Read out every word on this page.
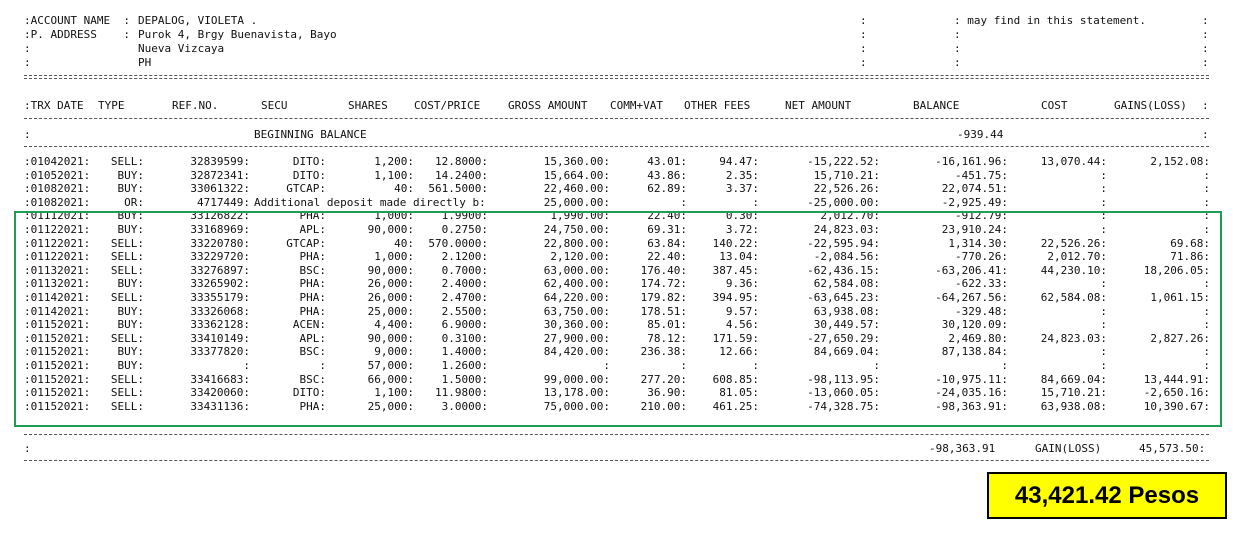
:ACCOUNT NAME  : DEPALOG, VIOLETA .
:P. ADDRESS    : Purok 4, Brgy Buenavista, Bayo
:	Nueva Vizcaya
:	PH
:
:
:
:
: may find in this statement.
:
:
:
:
:
:
:
:TRX DATE TYPE	REF.NO.	SECU	SHARES COST/PRICE	GROSS AMOUNT COMM+VAT OTHER FEES	NET AMOUNT	BALANCE	COST	GAINS(LOSS) :
:	BEGINNING BALANCE	-939.44	:
:01042021: SELL:	32839599:	DITO:	1,200: 12.8000:	15,360.00:	43.01:	94.47:	-15,222.52:	-16,161.96:	13,070.44:	2,152.08:
:01052021: BUY:	32872341:	DITO:	1,100: 14.2400:	15,664.00:	43.86:	2.35:	15,710.21:	-451.75:	:	:
:01082021: BUY:	33061322:	GTCAP:	40: 561.5000:	22,460.00:	62.89:	3.37:	22,526.26:	22,074.51:	:	:
:01082021:	OR:	4717449: Additional deposit made directly b:	25,000.00:	:	:	-25,000.00:	-2,925.49:	:	:
:01112021: BUY:	33126822:	PHA:	1,000:	1.9900:	1,990.00:	22.40:	0.30:	2,012.70:	-912.79:	:	:
:01122021: BUY:	33168969:	APL:	90,000:	0.2750:	24,750.00:	69.31:	3.72:	24,823.03:	23,910.24:	:	:
:01122021: SELL:	33220780:	GTCAP:	40: 570.0000:	22,800.00:	63.84: 140.22:	-22,595.94:	1,314.30:	22,526.26:	69.68:
:01122021: SELL:	33229720:	PHA:	1,000:	2.1200:	2,120.00:	22.40:	13.04:	-2,084.56:	-770.26:	2,012.70:	71.86:
:01132021: SELL:	33276897:	BSC:	90,000:	0.7000:	63,000.00:	176.40: 387.45:	-62,436.15:	-63,206.41:	44,230.10:	18,206.05:
:01132021: BUY:	33265902:	PHA:	26,000:	2.4000:	62,400.00:	174.72:	9.36:	62,584.08:	-622.33:	:	:
:01142021: SELL:	33355179:	PHA:	26,000:	2.4700:	64,220.00:	179.82: 394.95:	-63,645.23:	-64,267.56:	62,584.08:	1,061.15:
:01142021: BUY:	33326068:	PHA:	25,000:	2.5500:	63,750.00:	178.51:	9.57:	63,938.08:	-329.48:	:	:
:01152021: BUY:	33362128:	ACEN:	4,400:	6.9000:	30,360.00:	85.01:	4.56:	30,449.57:	30,120.09:	:	:
:01152021: SELL:	33410149:	APL:	90,000:	0.3100:	27,900.00:	78.12: 171.59:	-27,650.29:	2,469.80:	24,823.03:	2,827.26:
:01152021: BUY:	33377820:	BSC:	9,000:	1.4000:	84,420.00:	236.38:	12.66:	84,669.04:	87,138.84:	:	:
:01152021: BUY:	:	:	57,000:	1.2600:	:	:	:	:	:	:	:
:01152021: SELL:	33416683:	BSC:	66,000:	1.5000:	99,000.00:	277.20: 608.85:	-98,113.95:	-10,975.11:	84,669.04:	13,444.91:
:01152021: SELL:	33420060:	DITO:	1,100: 11.9800:	13,178.00:	36.90:	81.05:	-13,060.05:	-24,035.16:	15,710.21:	-2,650.16:
:01152021: SELL:	33431136:	PHA:	25,000:	3.0000:	75,000.00:	210.00: 461.25:	-74,328.75:	-98,363.91:	63,938.08:	10,390.67:
:	-98,363.91	GAIN(LOSS)	45,573.50:
43,421.42 Pesos
